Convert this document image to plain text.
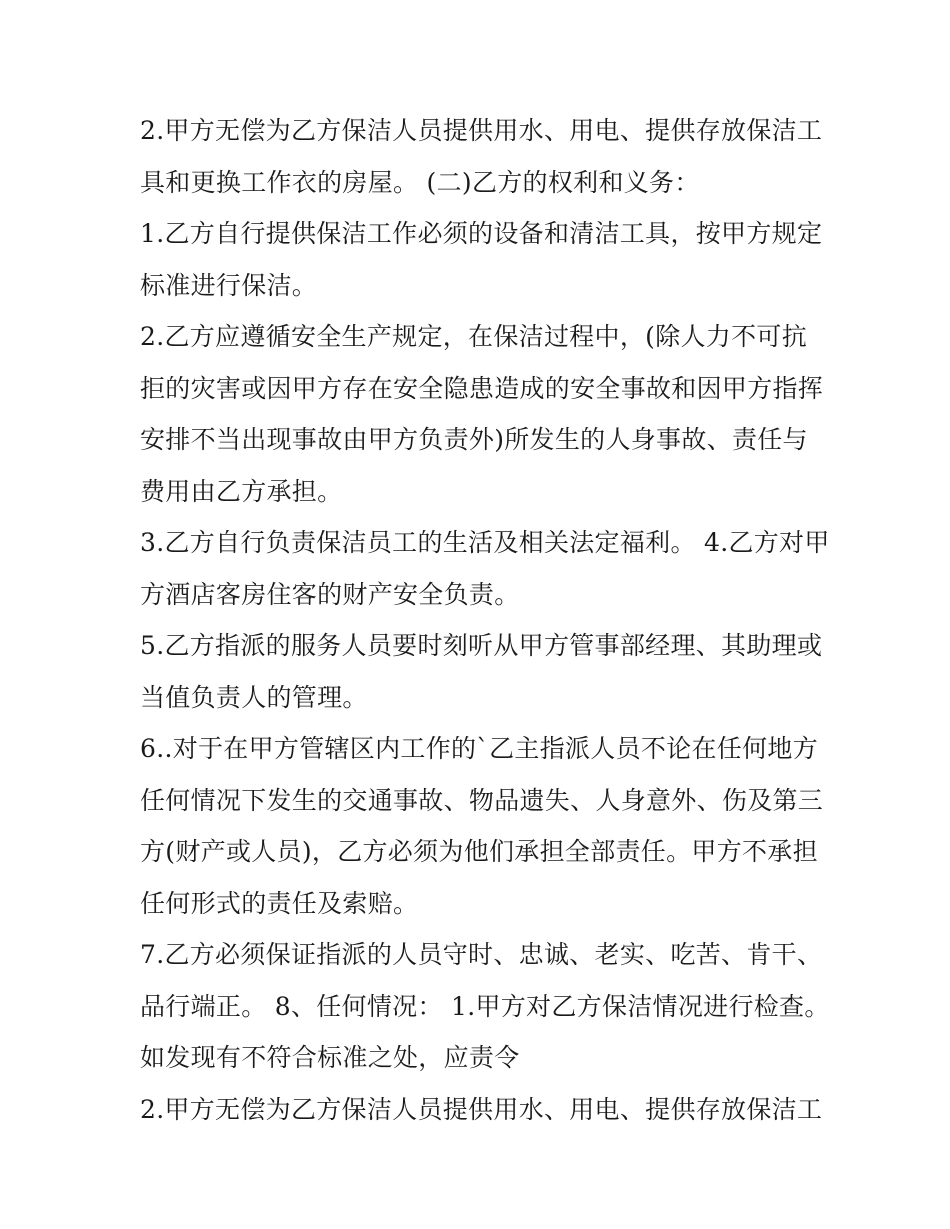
2.甲方无偿为乙方保洁人员提供用水、用电、提供存放保洁工
具和更换工作衣的房屋。 (二)乙方的权利和义务：
1.乙方自行提供保洁工作必须的设备和清洁工具，按甲方规定
标准进行保洁。
2.乙方应遵循安全生产规定，在保洁过程中，(除人力不可抗
拒的灾害或因甲方存在安全隐患造成的安全事故和因甲方指挥
安排不当出现事故由甲方负责外)所发生的人身事故、责任与
费用由乙方承担。
3.乙方自行负责保洁员工的生活及相关法定福利。 4.乙方对甲
方酒店客房住客的财产安全负责。
5.乙方指派的服务人员要时刻听从甲方管事部经理、其助理或
当值负责人的管理。
6..对于在甲方管辖区内工作的`乙主指派人员不论在任何地方
任何情况下发生的交通事故、物品遗失、人身意外、伤及第三
方(财产或人员)，乙方必须为他们承担全部责任。甲方不承担
任何形式的责任及索赔。
7.乙方必须保证指派的人员守时、忠诚、老实、吃苦、肯干、
品行端正。 8、任何情况： 1.甲方对乙方保洁情况进行检查。
如发现有不符合标准之处，应责令
2.甲方无偿为乙方保洁人员提供用水、用电、提供存放保洁工
